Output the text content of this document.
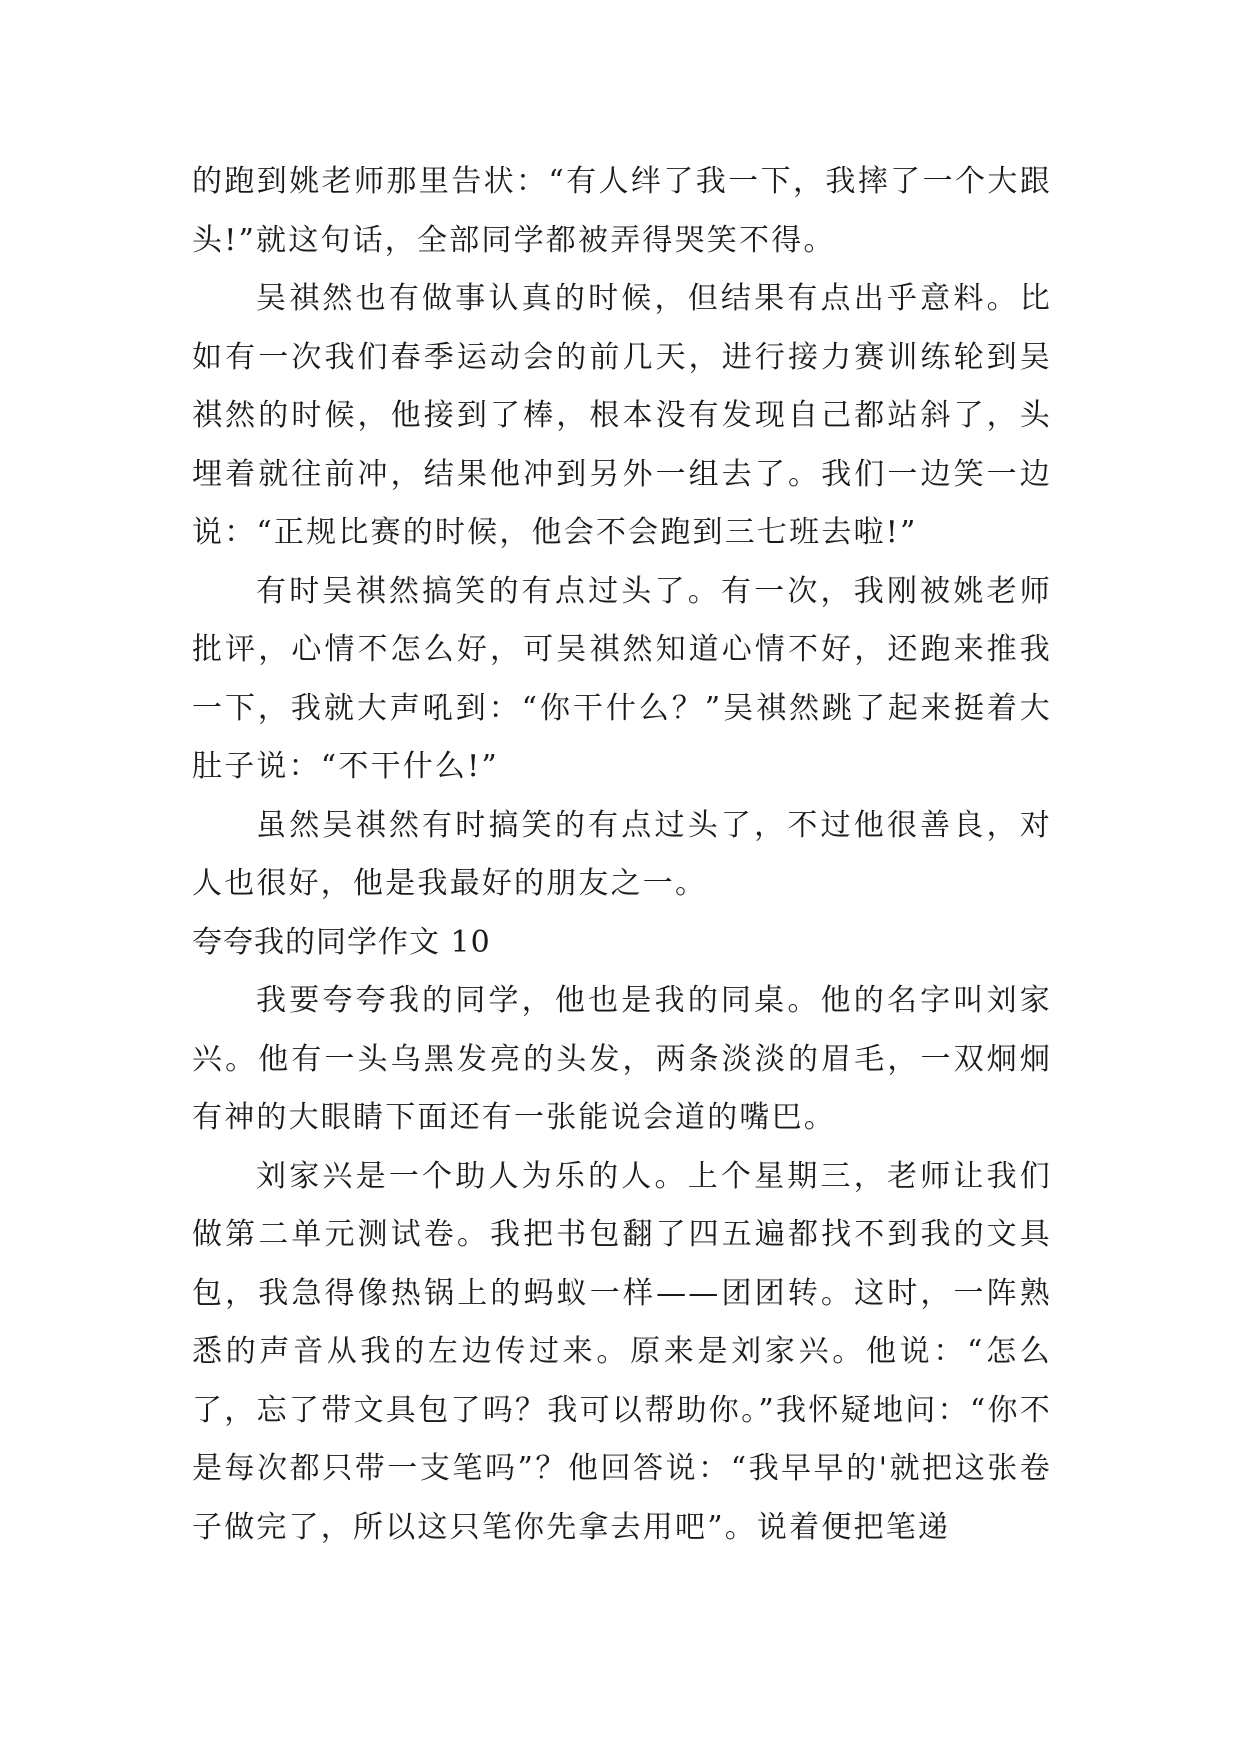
的跑到姚老师那里告状：“有人绊了我一下，我摔了一个大跟头!”就这句话，全部同学都被弄得哭笑不得。

吴祺然也有做事认真的时候，但结果有点出乎意料。比如有一次我们春季运动会的前几天，进行接力赛训练轮到吴祺然的时候，他接到了棒，根本没有发现自己都站斜了，头埋着就往前冲，结果他冲到另外一组去了。我们一边笑一边说：“正规比赛的时候，他会不会跑到三七班去啦!”

有时吴祺然搞笑的有点过头了。有一次，我刚被姚老师批评，心情不怎么好，可吴祺然知道心情不好，还跑来推我一下，我就大声吼到：“你干什么？”吴祺然跳了起来挺着大肚子说：“不干什么!”

虽然吴祺然有时搞笑的有点过头了，不过他很善良，对人也很好，他是我最好的朋友之一。

夸夸我的同学作文 10

我要夸夸我的同学，他也是我的同桌。他的名字叫刘家兴。他有一头乌黑发亮的头发，两条淡淡的眉毛，一双炯炯有神的大眼睛下面还有一张能说会道的嘴巴。

刘家兴是一个助人为乐的人。上个星期三，老师让我们做第二单元测试卷。我把书包翻了四五遍都找不到我的文具包，我急得像热锅上的蚂蚁一样——团团转。这时，一阵熟悉的声音从我的左边传过来。原来是刘家兴。他说：“怎么了，忘了带文具包了吗？我可以帮助你。”我怀疑地问：“你不是每次都只带一支笔吗”？他回答说：“我早早的'就把这张卷子做完了，所以这只笔你先拿去用吧”。说着便把笔递
